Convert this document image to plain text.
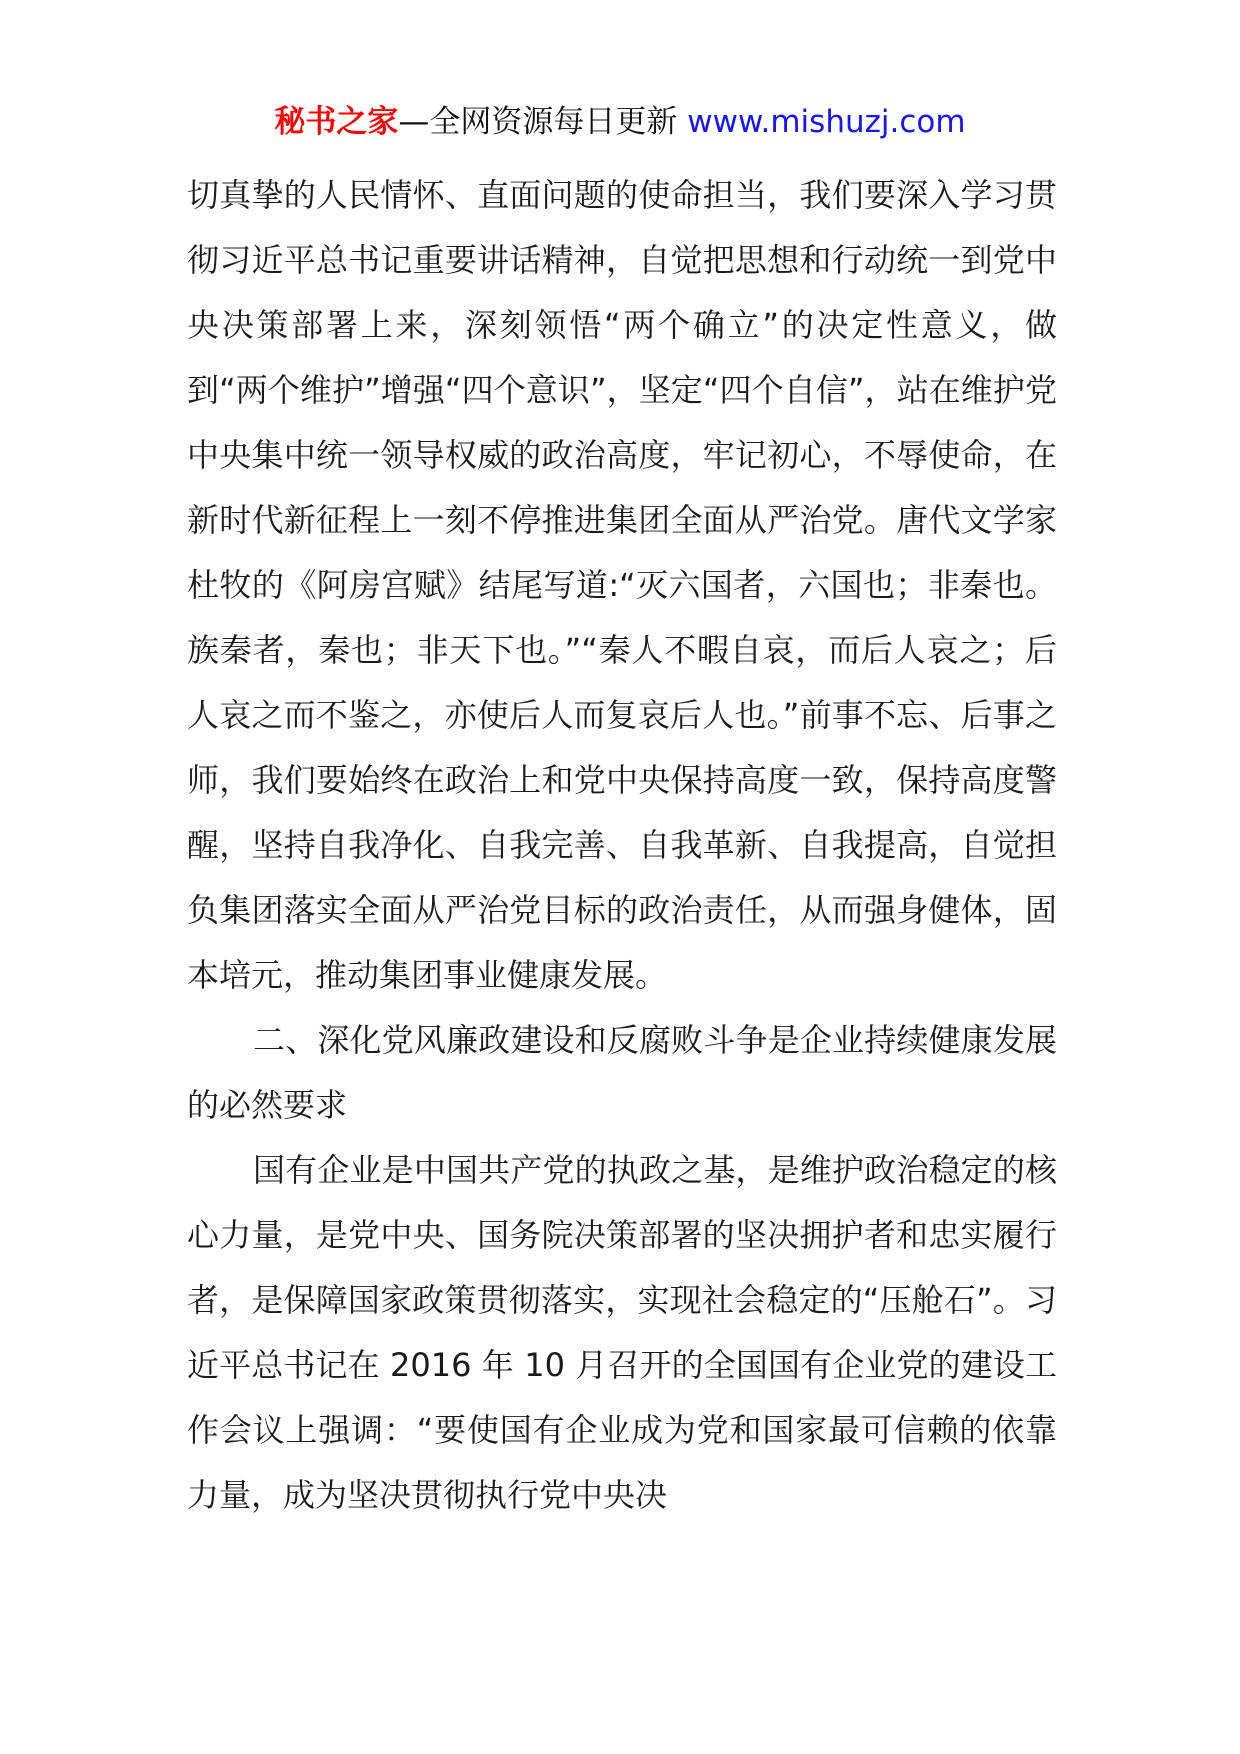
秘书之家—全网资源每日更新 www.mishuzj.com

切真挚的人民情怀、直面问题的使命担当，我们要深入学习贯彻习近平总书记重要讲话精神，自觉把思想和行动统一到党中央决策部署上来，深刻领悟“两个确立”的决定性意义，做到“两个维护”增强“四个意识”，坚定“四个自信”，站在维护党中央集中统一领导权威的政治高度，牢记初心，不辱使命，在新时代新征程上一刻不停推进集团全面从严治党。唐代文学家杜牧的《阿房宫赋》结尾写道:“灭六国者，六国也；非秦也。族秦者，秦也；非天下也。”“秦人不暇自哀，而后人哀之；后人哀之而不鉴之，亦使后人而复哀后人也。”前事不忘、后事之师，我们要始终在政治上和党中央保持高度一致，保持高度警醒，坚持自我净化、自我完善、自我革新、自我提高，自觉担负集团落实全面从严治党目标的政治责任，从而强身健体，固本培元，推动集团事业健康发展。

二、深化党风廉政建设和反腐败斗争是企业持续健康发展的必然要求

国有企业是中国共产党的执政之基，是维护政治稳定的核心力量，是党中央、国务院决策部署的坚决拥护者和忠实履行者，是保障国家政策贯彻落实，实现社会稳定的“压舱石”。习近平总书记在 2016 年 10 月召开的全国国有企业党的建设工作会议上强调：“要使国有企业成为党和国家最可信赖的依靠力量，成为坚决贯彻执行党中央决
